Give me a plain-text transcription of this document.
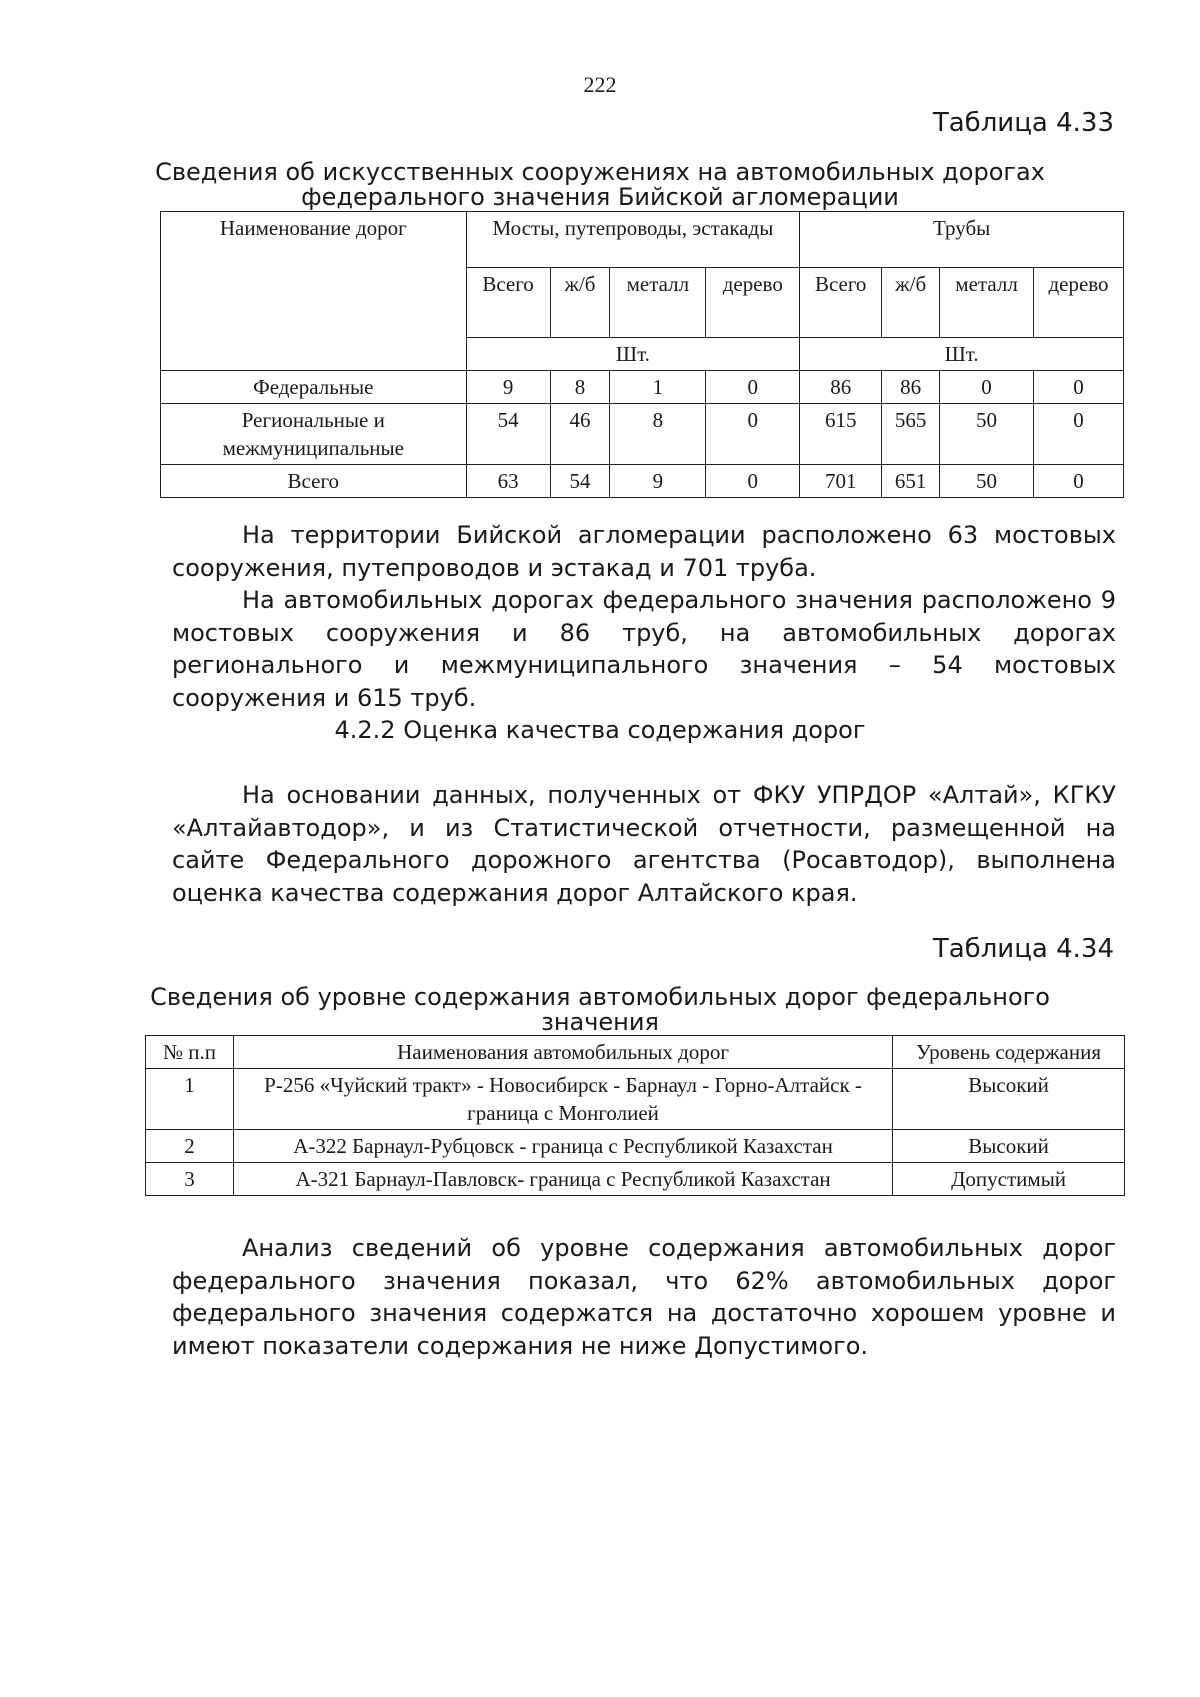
222
Таблица 4.33
Сведения об искусственных сооружениях на автомобильных дорогах
федерального значения Бийской агломерации
Наименование дорог	Мосты, путепроводы, эстакады				Трубы			
	Всего	ж/б	металл	дерево	Всего	ж/б	металл	дерево
	Шт.				Шт.			
Федеральные	9	8	1	0	86	86	0	0
Региональные и межмуниципальные	54	46	8	0	615	565	50	0
Всего	63	54	9	0	701	651	50	0
На территории Бийской агломерации расположено 63 мостовых сооружения, путепроводов и эстакад и 701 труба.
На автомобильных дорогах федерального значения расположено 9 мостовых сооружения и 86 труб, на автомобильных дорогах регионального и межмуниципального значения – 54 мостовых сооружения и 615 труб.
4.2.2 Оценка качества содержания дорог
На основании данных, полученных от ФКУ УПРДОР «Алтай», КГКУ «Алтайавтодор», и из Статистической отчетности, размещенной на сайте Федерального дорожного агентства (Росавтодор), выполнена оценка качества содержания дорог Алтайского края.
Таблица 4.34
Сведения об уровне содержания автомобильных дорог федерального
значения
№ п.п	Наименования автомобильных дорог	Уровень содержания
1	Р-256 «Чуйский тракт» - Новосибирск - Барнаул - Горно-Алтайск - граница с Монголией	Высокий
2	А-322 Барнаул-Рубцовск - граница с Республикой Казахстан	Высокий
3	А-321 Барнаул-Павловск- граница с Республикой Казахстан	Допустимый
Анализ сведений об уровне содержания автомобильных дорог федерального значения показал, что 62% автомобильных дорог федерального значения содержатся на достаточно хорошем уровне и имеют показатели содержания не ниже Допустимого.
